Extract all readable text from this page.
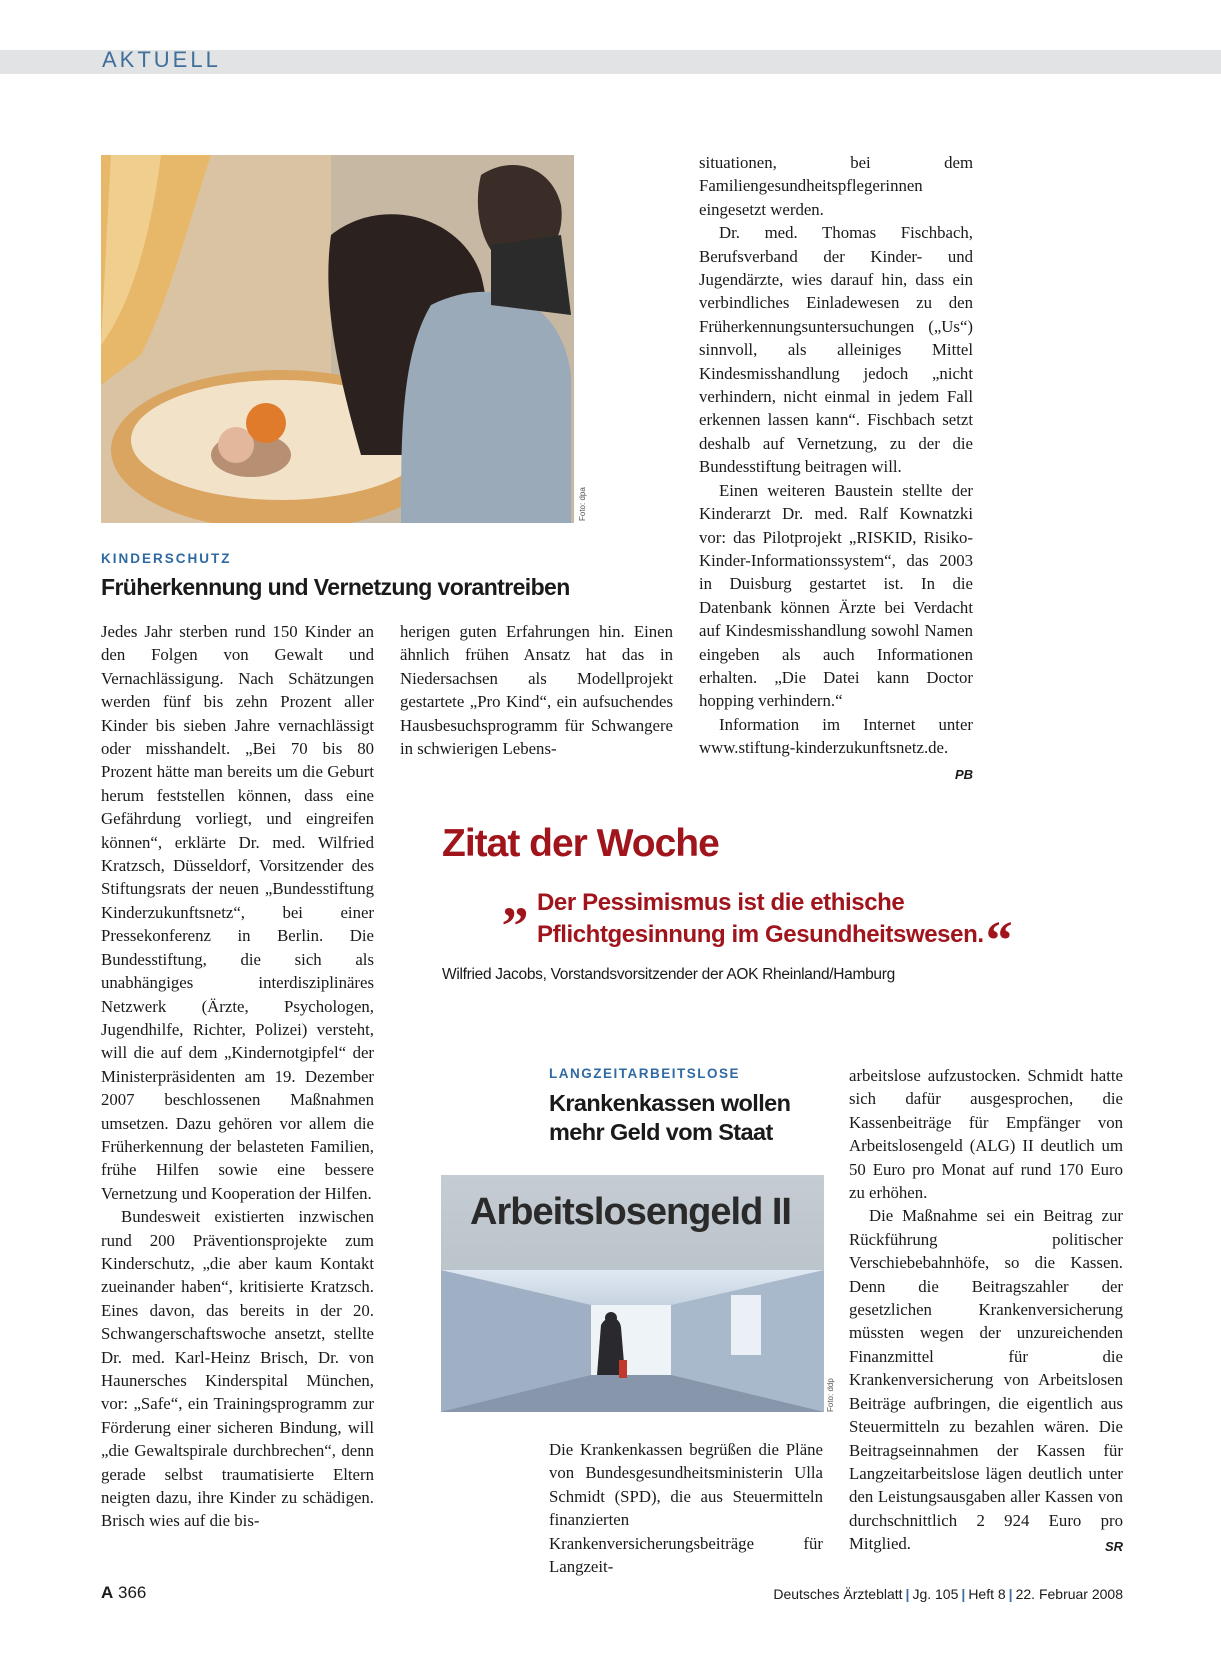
AKTUELL
Foto: dpa
KINDERSCHUTZ
Früherkennung und Vernetzung vorantreiben

Jedes Jahr sterben rund 150 Kinder an den Folgen von Gewalt und Vernachlässigung. Nach Schätzungen werden fünf bis zehn Prozent aller Kinder bis sieben Jahre vernachlässigt oder misshandelt. „Bei 70 bis 80 Prozent hätte man bereits um die Geburt herum feststellen können, dass eine Gefährdung vorliegt, und eingreifen können“, erklärte Dr. med. Wilfried Kratzsch, Düsseldorf, Vorsitzender des Stiftungsrats der neuen „Bundesstiftung Kinderzukunftsnetz“, bei einer Pressekonferenz in Berlin. Die Bundesstiftung, die sich als unabhängiges interdisziplinäres Netzwerk (Ärzte, Psychologen, Jugendhilfe, Richter, Polizei) versteht, will die auf dem „Kindernotgipfel“ der Ministerpräsidenten am 19. Dezember 2007 beschlossenen Maßnahmen umsetzen. Dazu gehören vor allem die Früherkennung der belasteten Familien, frühe Hilfen sowie eine bessere Vernetzung und Kooperation der Hilfen.

Bundesweit existierten inzwischen rund 200 Präventionsprojekte zum Kinderschutz, „die aber kaum Kontakt zueinander haben“, kritisierte Kratzsch. Eines davon, das bereits in der 20. Schwangerschaftswoche ansetzt, stellte Dr. med. Karl-Heinz Brisch, Dr. von Haunersches Kinderspital München, vor: „Safe“, ein Trainingsprogramm zur Förderung einer sicheren Bindung, will „die Gewaltspirale durchbrechen“, denn gerade selbst traumatisierte Eltern neigten dazu, ihre Kinder zu schädigen. Brisch wies auf die bis-

herigen guten Erfahrungen hin. Einen ähnlich frühen Ansatz hat das in Niedersachsen als Modellprojekt gestartete „Pro Kind“, ein aufsuchendes Hausbesuchsprogramm für Schwangere in schwierigen Lebens-

situationen, bei dem Familiengesundheitspflegerinnen eingesetzt werden.

Dr. med. Thomas Fischbach, Berufsverband der Kinder- und Jugendärzte, wies darauf hin, dass ein verbindliches Einladewesen zu den Früherkennungsuntersuchungen („Us“) sinnvoll, als alleiniges Mittel Kindesmisshandlung jedoch „nicht verhindern, nicht einmal in jedem Fall erkennen lassen kann“. Fischbach setzt deshalb auf Vernetzung, zu der die Bundesstiftung beitragen will.

Einen weiteren Baustein stellte der Kinderarzt Dr. med. Ralf Kownatzki vor: das Pilotprojekt „RISKID, Risiko-Kinder-Informationssystem“, das 2003 in Duisburg gestartet ist. In die Datenbank können Ärzte bei Verdacht auf Kindesmisshandlung sowohl Namen eingeben als auch Informationen erhalten. „Die Datei kann Doctor hopping verhindern.“

Information im Internet unter www.stiftung-kinderzukunftsnetz.de.
PB

Zitat der Woche
„ Der Pessimismus ist die ethische
Pflichtgesinnung im Gesundheitswesen.“
Wilfried Jacobs, Vorstandsvorsitzender der AOK Rheinland/Hamburg
LANGZEITARBEITSLOSE
Krankenkassen wollen
mehr Geld vom Staat
Arbeitslosengeld II
Foto: ddp

Die Krankenkassen begrüßen die Pläne von Bundesgesundheitsministerin Ulla Schmidt (SPD), die aus Steuermitteln finanzierten Krankenversicherungsbeiträge für Langzeit-

arbeitslose aufzustocken. Schmidt hatte sich dafür ausgesprochen, die Kassenbeiträge für Empfänger von Arbeitslosengeld (ALG) II deutlich um 50 Euro pro Monat auf rund 170 Euro zu erhöhen.

Die Maßnahme sei ein Beitrag zur Rückführung politischer Verschiebebahnhöfe, so die Kassen. Denn die Beitragszahler der gesetzlichen Krankenversicherung müssten wegen der unzureichenden Finanzmittel für die Krankenversicherung von Arbeitslosen Beiträge aufbringen, die eigentlich aus Steuermitteln zu bezahlen wären. Die Beitragseinnahmen der Kassen für Langzeitarbeitslose lägen deutlich unter den Leistungsausgaben aller Kassen von durchschnittlich 2 924 Euro pro Mitglied.	SR

A 366	Deutsches Ärzteblatt | Jg. 105 | Heft 8 | 22. Februar 2008
